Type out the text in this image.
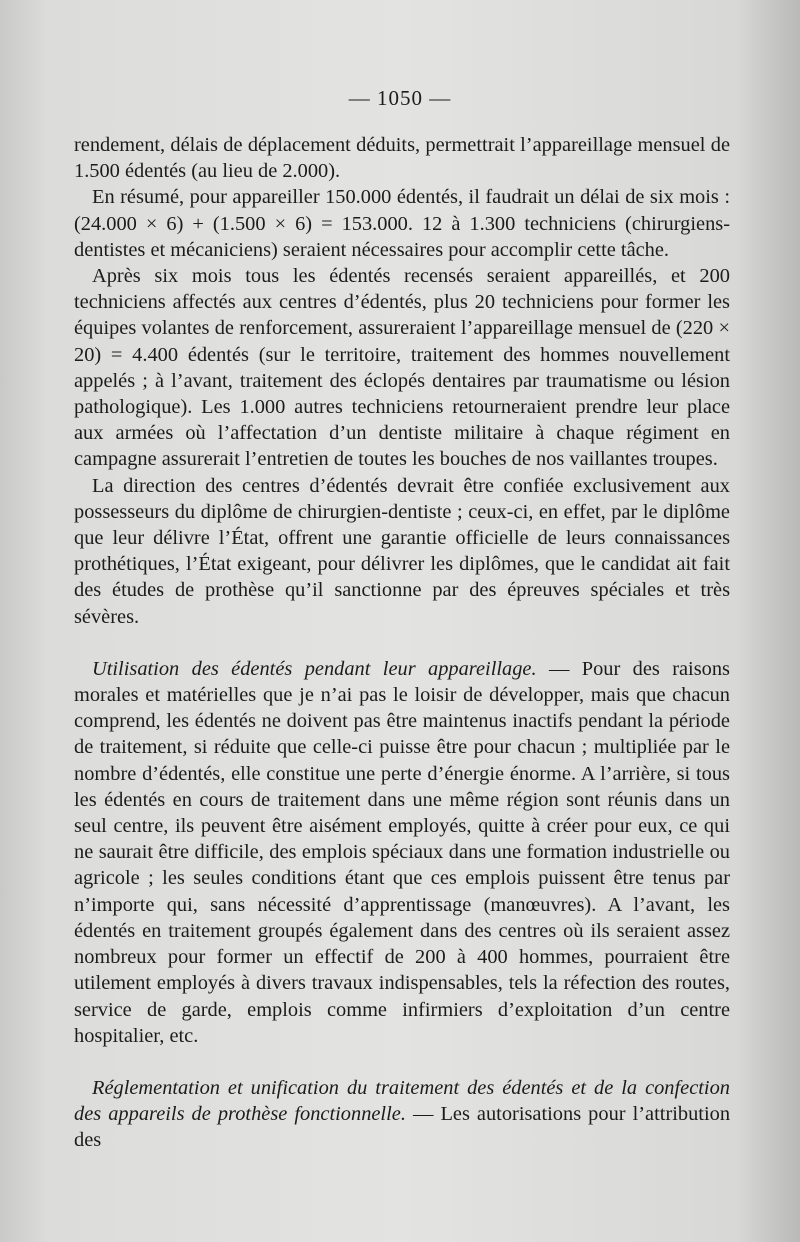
— 1050 —

rendement, délais de déplacement déduits, permettrait l’appareillage mensuel de 1.500 édentés (au lieu de 2.000).

En résumé, pour appareiller 150.000 édentés, il faudrait un délai de six mois : (24.000 × 6) + (1.500 × 6) = 153.000. 12 à 1.300 techniciens (chirurgiens-dentistes et mécaniciens) seraient nécessaires pour accomplir cette tâche.

Après six mois tous les édentés recensés seraient appareillés, et 200 techniciens affectés aux centres d’édentés, plus 20 techniciens pour former les équipes volantes de renforcement, assureraient l’appareillage mensuel de (220 × 20) = 4.400 édentés (sur le territoire, traitement des hommes nouvellement appelés ; à l’avant, traitement des éclopés dentaires par traumatisme ou lésion pathologique). Les 1.000 autres techniciens retourneraient prendre leur place aux armées où l’affectation d’un dentiste militaire à chaque régiment en campagne assurerait l’entretien de toutes les bouches de nos vaillantes troupes.

La direction des centres d’édentés devrait être confiée exclusivement aux possesseurs du diplôme de chirurgien-dentiste ; ceux-ci, en effet, par le diplôme que leur délivre l’État, offrent une garantie officielle de leurs connaissances prothétiques, l’État exigeant, pour délivrer les diplômes, que le candidat ait fait des études de prothèse qu’il sanctionne par des épreuves spéciales et très sévères.

Utilisation des édentés pendant leur appareillage. — Pour des raisons morales et matérielles que je n’ai pas le loisir de développer, mais que chacun comprend, les édentés ne doivent pas être maintenus inactifs pendant la période de traitement, si réduite que celle-ci puisse être pour chacun ; multipliée par le nombre d’édentés, elle constitue une perte d’énergie énorme. A l’arrière, si tous les édentés en cours de traitement dans une même région sont réunis dans un seul centre, ils peuvent être aisément employés, quitte à créer pour eux, ce qui ne saurait être difficile, des emplois spéciaux dans une formation industrielle ou agricole ; les seules conditions étant que ces emplois puissent être tenus par n’importe qui, sans nécessité d’apprentissage (manœuvres). A l’avant, les édentés en traitement groupés également dans des centres où ils seraient assez nombreux pour former un effectif de 200 à 400 hommes, pourraient être utilement employés à divers travaux indispensables, tels la réfection des routes, service de garde, emplois comme infirmiers d’exploitation d’un centre hospitalier, etc.

Réglementation et unification du traitement des édentés et de la confection des appareils de prothèse fonctionnelle. — Les autorisations pour l’attribution des
